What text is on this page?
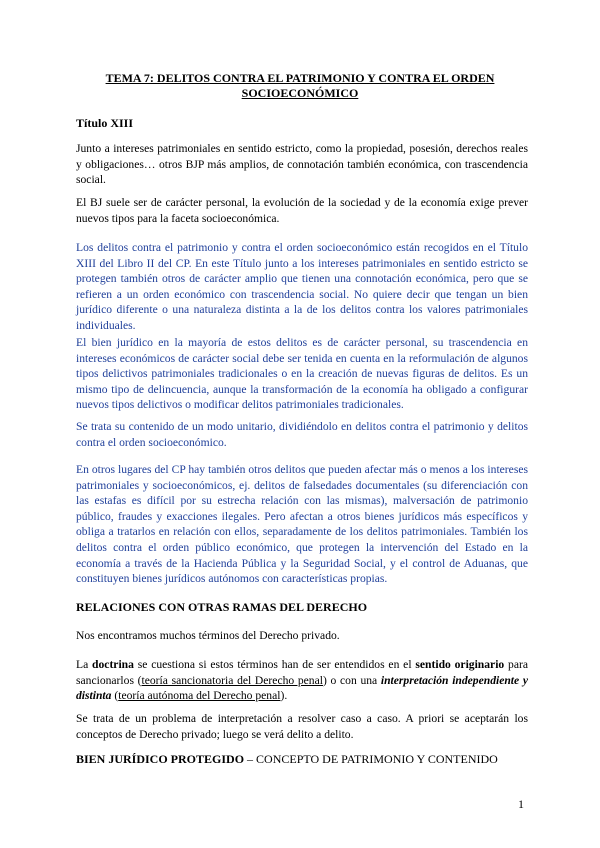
TEMA 7: DELITOS CONTRA EL PATRIMONIO Y CONTRA EL ORDEN SOCIOECONÓMICO
Título XIII

Junto a intereses patrimoniales en sentido estricto, como la propiedad, posesión, derechos reales y obligaciones… otros BJP más amplios, de connotación también económica, con trascendencia social.

El BJ suele ser de carácter personal, la evolución de la sociedad y de la economía exige prever nuevos tipos para la faceta socioeconómica.

Los delitos contra el patrimonio y contra el orden socioeconómico están recogidos en el Título XIII del Libro II del CP. En este Título junto a los intereses patrimoniales en sentido estricto se protegen también otros de carácter amplio que tienen una connotación económica, pero que se refieren a un orden económico con trascendencia social. No quiere decir que tengan un bien jurídico diferente o una naturaleza distinta a la de los delitos contra los valores patrimoniales individuales.

El bien jurídico en la mayoría de estos delitos es de carácter personal, su trascendencia en intereses económicos de carácter social debe ser tenida en cuenta en la reformulación de algunos tipos delictivos patrimoniales tradicionales o en la creación de nuevas figuras de delitos. Es un mismo tipo de delincuencia, aunque la transformación de la economía ha obligado a configurar nuevos tipos delictivos o modificar delitos patrimoniales tradicionales.

Se trata su contenido de un modo unitario, dividiéndolo en delitos contra el patrimonio y delitos contra el orden socioeconómico.

En otros lugares del CP hay también otros delitos que pueden afectar más o menos a los intereses patrimoniales y socioeconómicos, ej. delitos de falsedades documentales (su diferenciación con las estafas es difícil por su estrecha relación con las mismas), malversación de patrimonio público, fraudes y exacciones ilegales. Pero afectan a otros bienes jurídicos más específicos y obliga a tratarlos en relación con ellos, separadamente de los delitos patrimoniales. También los delitos contra el orden público económico, que protegen la intervención del Estado en la economía a través de la Hacienda Pública y la Seguridad Social, y el control de Aduanas, que constituyen bienes jurídicos autónomos con características propias.

RELACIONES CON OTRAS RAMAS DEL DERECHO

Nos encontramos muchos términos del Derecho privado.

La doctrina se cuestiona si estos términos han de ser entendidos en el sentido originario para sancionarlos (teoría sancionatoria del Derecho penal) o con una interpretación independiente y distinta (teoría autónoma del Derecho penal).

Se trata de un problema de interpretación a resolver caso a caso. A priori se aceptarán los conceptos de Derecho privado; luego se verá delito a delito.

BIEN JURÍDICO PROTEGIDO – CONCEPTO DE PATRIMONIO Y CONTENIDO
1
